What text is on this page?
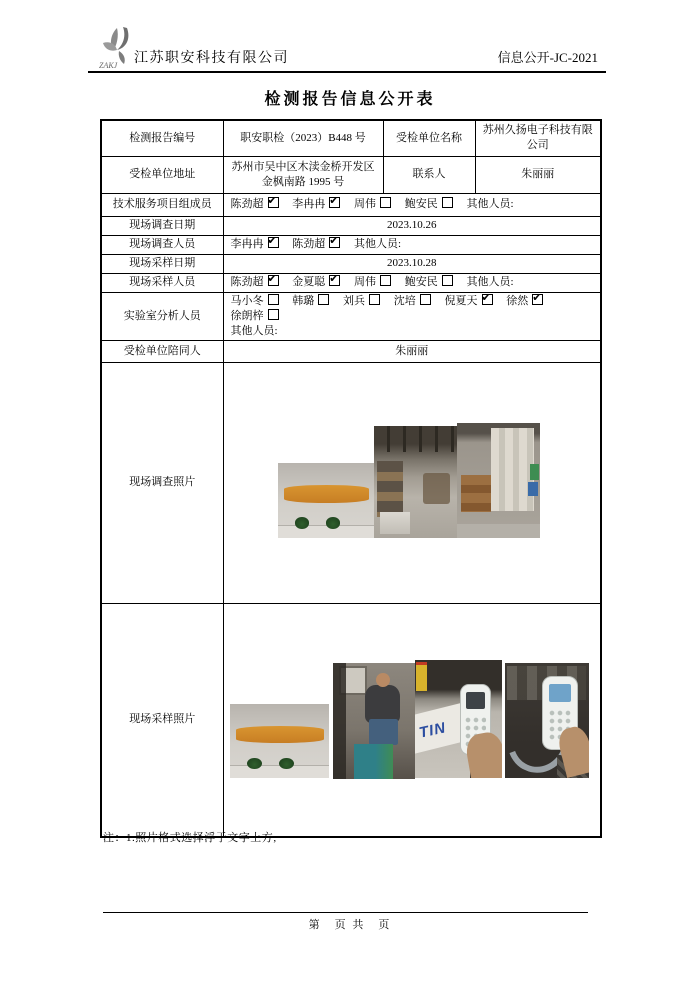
ZAKJ 江苏职安科技有限公司	信息公开-JC-2021
检测报告信息公开表
检测报告编号	职安职检（2023）B448 号	受检单位名称	苏州久扬电子科技有限公司
受检单位地址	苏州市吴中区木渎金桥开发区金枫南路 1995 号	联系人	朱丽丽
技术服务项目组成员	陈劲超 ✔ 李冉冉 ✔ 周伟 鲍安民 其他人员:
现场调查日期	2023.10.26		
现场调查人员	李冉冉 ✔ 陈劲超 ✔ 其他人员:
现场采样日期	2023.10.28		
现场采样人员	陈劲超 ✔ 金夏聪 ✔ 周伟 鲍安民 其他人员:
实验室分析人员	马小冬 韩璐 刘兵 沈培 倪夏天✔ 徐然✔ 徐朗梓
其他人员:

受检单位陪同人	朱丽丽		
现场调查照片			

现场采样照片	TIN		
注：1.照片格式选择浮于文字上方;
第　页 共　页
